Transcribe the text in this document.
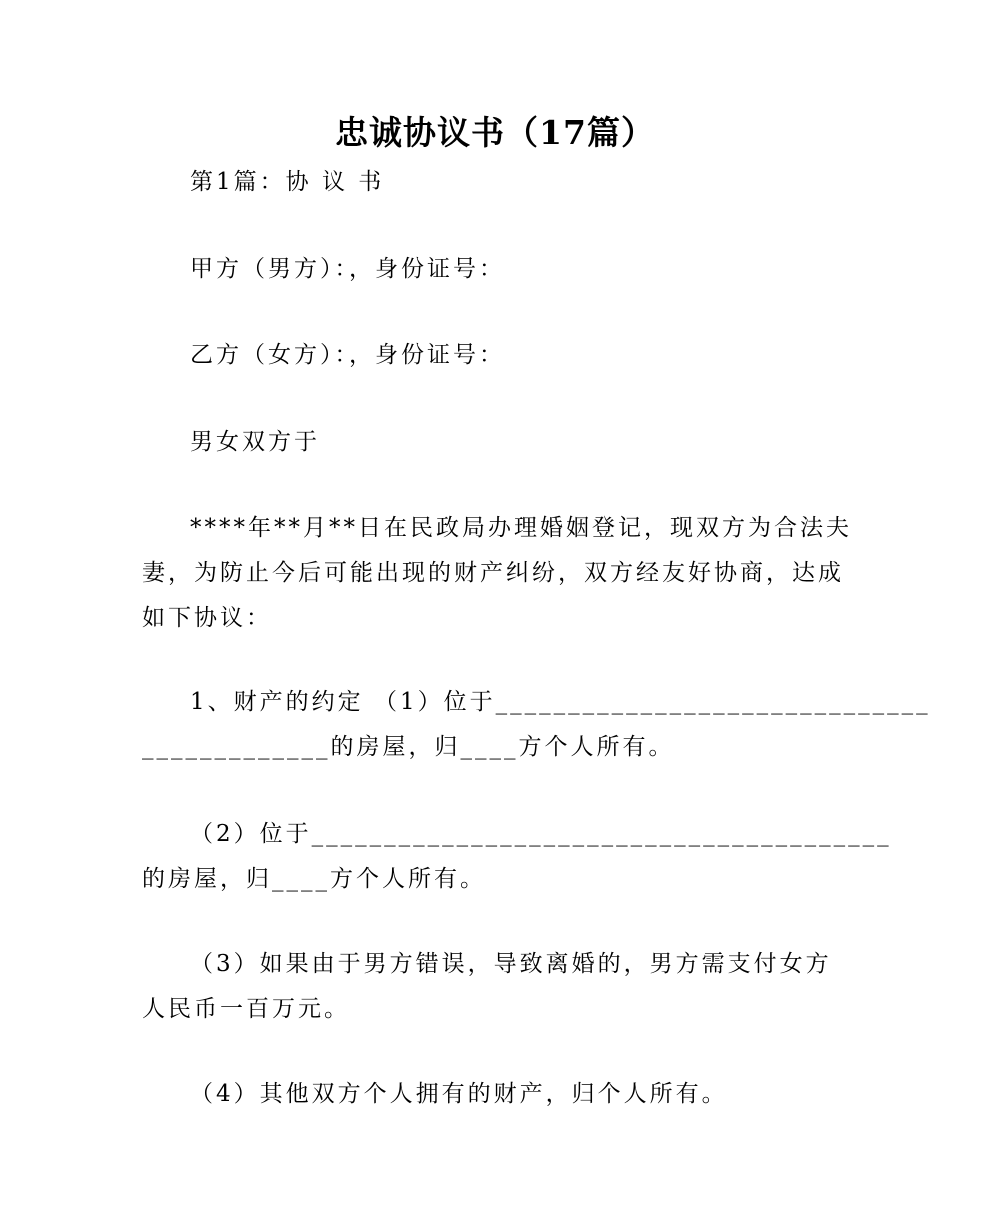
忠诚协议书（17篇）

第1篇：协 议 书

甲方（男方）：，身份证号：

乙方（女方）：，身份证号：

男女双方于

****年**月**日在民政局办理婚姻登记，现双方为合法夫
妻，为防止今后可能出现的财产纠纷，双方经友好协商，达成
如下协议：

1、财产的约定 （1）位于______________________________
_____________的房屋，归____方个人所有。

（2）位于________________________________________
的房屋，归____方个人所有。

（3）如果由于男方错误，导致离婚的，男方需支付女方
人民币一百万元。

（4）其他双方个人拥有的财产，归个人所有。
